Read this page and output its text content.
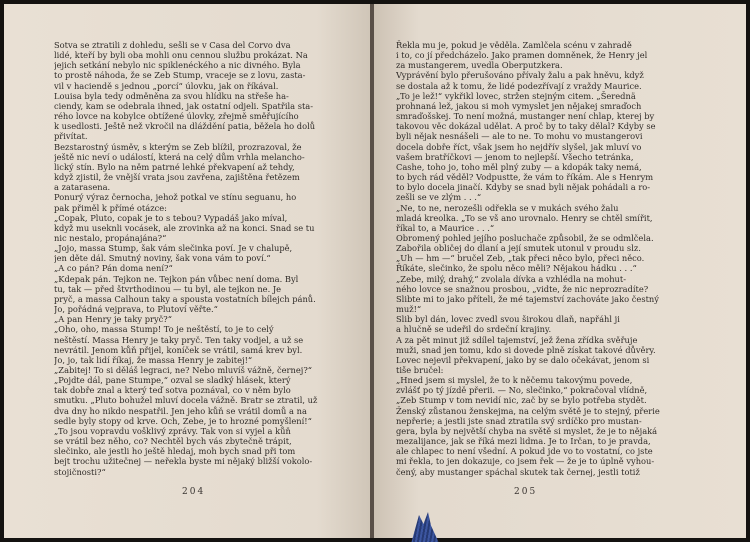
Sotva se ztratili z dohledu, sešli se v Casa del Corvo dva

lidé, kteří by byli oba mohli onu cennou službu prokázat. Na

jejich setkání nebylo nic spiklenéckého a nic divného. Byla

to prostě náhoda, že se Zeb Stump, vraceje se z lovu, zasta-

vil v haciendě s jednou „porcí“ úlovku, jak on říkával.

Louisa byla tedy odměněna za svou hlídku na střeše ha-

ciendy, kam se odebrala ihned, jak ostatní odjeli. Spatřila sta-

rého lovce na kobylce obtížené úlovky, zřejmě směřujícího

k usedlosti. Ještě než vkročil na dláždění patia, běžela ho dolů

přivítat.

Bezstarostný úsměv, s kterým se Zeb blížil, prozrazoval, že

ještě nic neví o událostí, která na celý dům vrhla melancho-

lický stín. Bylo na něm patrné lehké překvapení až tehdy,

když zjistil, že vnější vrata jsou zavřena, zajištěna řetězem

a zatarasena.

Ponurý výraz černocha, jehož potkal ve stínu seguanu, ho

pak přiměl k přímé otázce:

„Copak, Pluto, copak je to s tebou? Vypadáš jako míval,

když mu useknli vocásek, ale zrovinka až na konci. Snad se tu

nic nestalo, propánajána?“

„Jojo, massa Stump, šak vám slečinka poví. Je v chalupě,

jen děte dál. Smutný noviny, šak vona vám to poví.“

„A co pán? Pán doma není?“

„Kdepak pán. Tejkon ne. Tejkon pán vůbec není doma. Byl

tu, tak — před štvrthodinou — tu byl, ale tejkon ne. Je

pryč, a massa Calhoun taky a spousta vostatních bílejch pánů.

Jo, pořádná vejprava, to Plutoví věřte.“

„A pan Henry je taky pryč?“

„Oho, oho, massa Stump! To je neštěstí, to je to celý

neštěstí. Massa Henry je taky pryč. Ten taky vodjel, a už se

nevrátil. Jenom kůň přijel, koníček se vrátil, samá krev byl.

Jo, jo, tak lidí říkaj, že massa Henry je zabitej!“

„Zabitej! To si děláš legraci, ne? Nebo mluvíš vážně, černej?“

„Pojdte dál, pane Stumpe,“ ozval se sladký hlásek, který

tak dobře znal a který teď sotva poznával, co v něm bylo

smutku. „Pluto bohužel mluví docela vážně. Bratr se ztratil, už

dva dny ho nikdo nespatřil. Jen jeho kůň se vrátil domů a na

sedle byly stopy od krve. Och, Zebe, je to hrozné pomyšlení!“

„To jsou vopravdu vošklivý zprávy. Tak von si vyjel a kůň

se vrátil bez něho, co? Nechtěl bych vás zbytečně trápit,

slečinko, ale jestli ho ještě hledaj, moh bych snad při tom

bejt trochu užitečnej — neřekla byste mi nějaký bližší vokolo-

stojičnosti?“

204

Řekla mu je, pokud je věděla. Zamlčela scénu v zahradě

i to, co jí předcházelo. Jako pramen domněnek, že Henry jel

za mustangerem, uvedla Oberputzkera.

Vyprávění bylo přerušováno přívaly žalu a pak hněvu, když

se dostala až k tomu, že lidé podezřívají z vraždy Maurice.

„To je lež!“ vykřikl lovec, stržen stejným citem. „Šerednä

prohnaná lež, jakou si moh vymyslet jen nějakej smraďoch

smraďošskej. To není možná, mustanger není chlap, kterej by

takovou věc dokázal udělat. A proč by to taky dělal? Kdyby se

byli nějak nesnášeli — ale to ne. To mohu vo mustangerovi

docela dobře říct, však jsem ho nejdřív slyšel, jak mluví vo

vašem bratříčkovi — jenom to nejlepší. Všecho tetránka,

Cashe, toho jo, toho měl plný zuby — a kdopák taky nemá,

to bych rád věděl? Vodpustte, že vám to říkám. Ale s Henrym

to bylo docela jinačí. Kdyby se snad byli nějak pohádali a ro-

zešli se ve zlým . . .“

„Ne, to ne, nerozešli odřekla se v mukách svého žalu

mladá kreolka. „To se vš ano urovnalo. Henry se chtěl smířit,

říkal to, a Maurice . . .“

Obromený pohled jejího posluchače způsobil, že se odmlčela.

Zabořila obličej do dlaní a její smutek utonul v proudu slz.

„Uh — hm —“ bručel Zeb, „tak přeci něco bylo, přeci něco.

Říkáte, slečinko, že spolu něco měli? Nějakou hádku . . .“

„Zebe, milý, drahý,“ zvolala dívka a vzhlédla na mohut-

ného lovce se snažnou prosbou, „vidte, že nic neprozradíte?

Slibte mi to jako příteli, že mé tajemství zachováte jako čestný

muž!“

Slib byl dán, lovec zvedl svou širokou dlaň, napřáhl ji

a hlučně se udeřil do srdeční krajiny.

A za pět minut již sdílel tajemství, jež žena zřídka svěřuje

muži, snad jen tomu, kdo si dovede plně získat takové důvěry.

Lovec nejevil překvapení, jako by se dalo očekávat, jenom si

tiše bručel:

„Hned jsem si myslel, že to k něčemu takovýmu povede,

zvlášť po tý jízdě přerii. — No, slečinko,“ pokračoval vlídně,

„Zeb Stump v tom nevidí nic, zač by se bylo potřeba stydět.

Ženský zůstanou ženskejma, na celým světě je to stejný, přerie

nepřerie; a jestli jste snad ztratila svý srdíčko pro mustan-

gera, byla by největší chyba na světě si myslet, že je to nějaká

mezalijance, jak se říká mezi lidma. Je to Irčan, to je pravda,

ale chlapec to není všední. A pokud jde vo to vostatní, co jste

mi řekla, to jen dokazuje, co jsem řek — že je to úplně vyhou-

čený, aby mustanger spáchal skutek tak černej, jestli totiž

205
